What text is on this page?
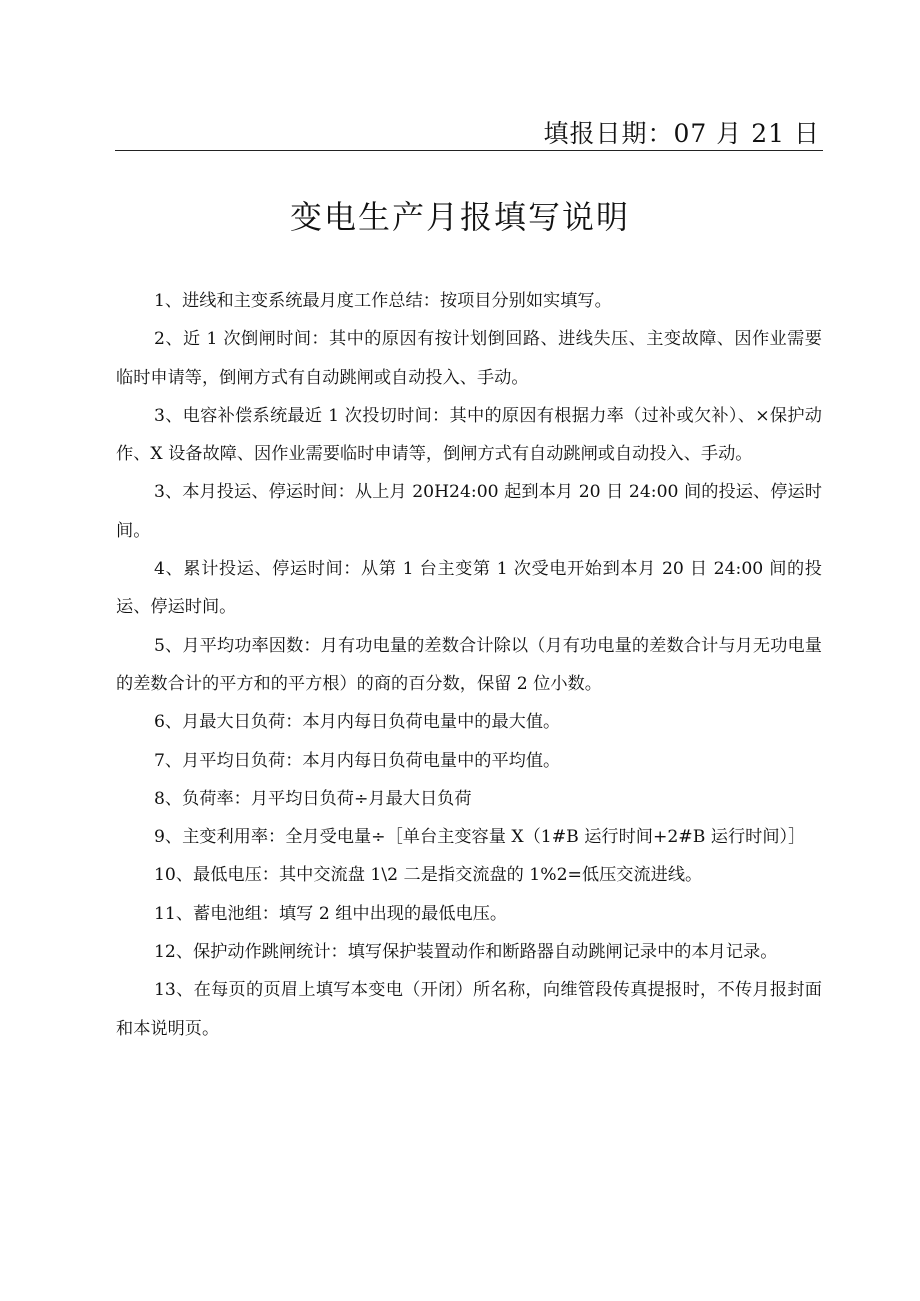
填报日期：07 月 21 日
变电生产月报填写说明

1、进线和主变系统最月度工作总结：按项目分别如实填写。

2、近 1 次倒闸时间：其中的原因有按计划倒回路、进线失压、主变故障、因作业需要临时申请等，倒闸方式有自动跳闸或自动投入、手动。

3、电容补偿系统最近 1 次投切时间：其中的原因有根据力率（过补或欠补）、×保护动作、X 设备故障、因作业需要临时申请等，倒闸方式有自动跳闸或自动投入、手动。

3、本月投运、停运时间：从上月 20H24:00 起到本月 20 日 24:00 间的投运、停运时间。

4、累计投运、停运时间：从第 1 台主变第 1 次受电开始到本月 20 日 24:00 间的投运、停运时间。

5、月平均功率因数：月有功电量的差数合计除以（月有功电量的差数合计与月无功电量的差数合计的平方和的平方根）的商的百分数，保留 2 位小数。

6、月最大日负荷：本月内每日负荷电量中的最大值。

7、月平均日负荷：本月内每日负荷电量中的平均值。

8、负荷率：月平均日负荷÷月最大日负荷

9、主变利用率：全月受电量÷［单台主变容量 X（1#B 运行时间+2#B 运行时间）］

10、最低电压：其中交流盘 1\2 二是指交流盘的 1%2=低压交流进线。

11、蓄电池组：填写 2 组中出现的最低电压。

12、保护动作跳闸统计：填写保护装置动作和断路器自动跳闸记录中的本月记录。

13、在每页的页眉上填写本变电（开闭）所名称，向维管段传真提报时，不传月报封面和本说明页。
